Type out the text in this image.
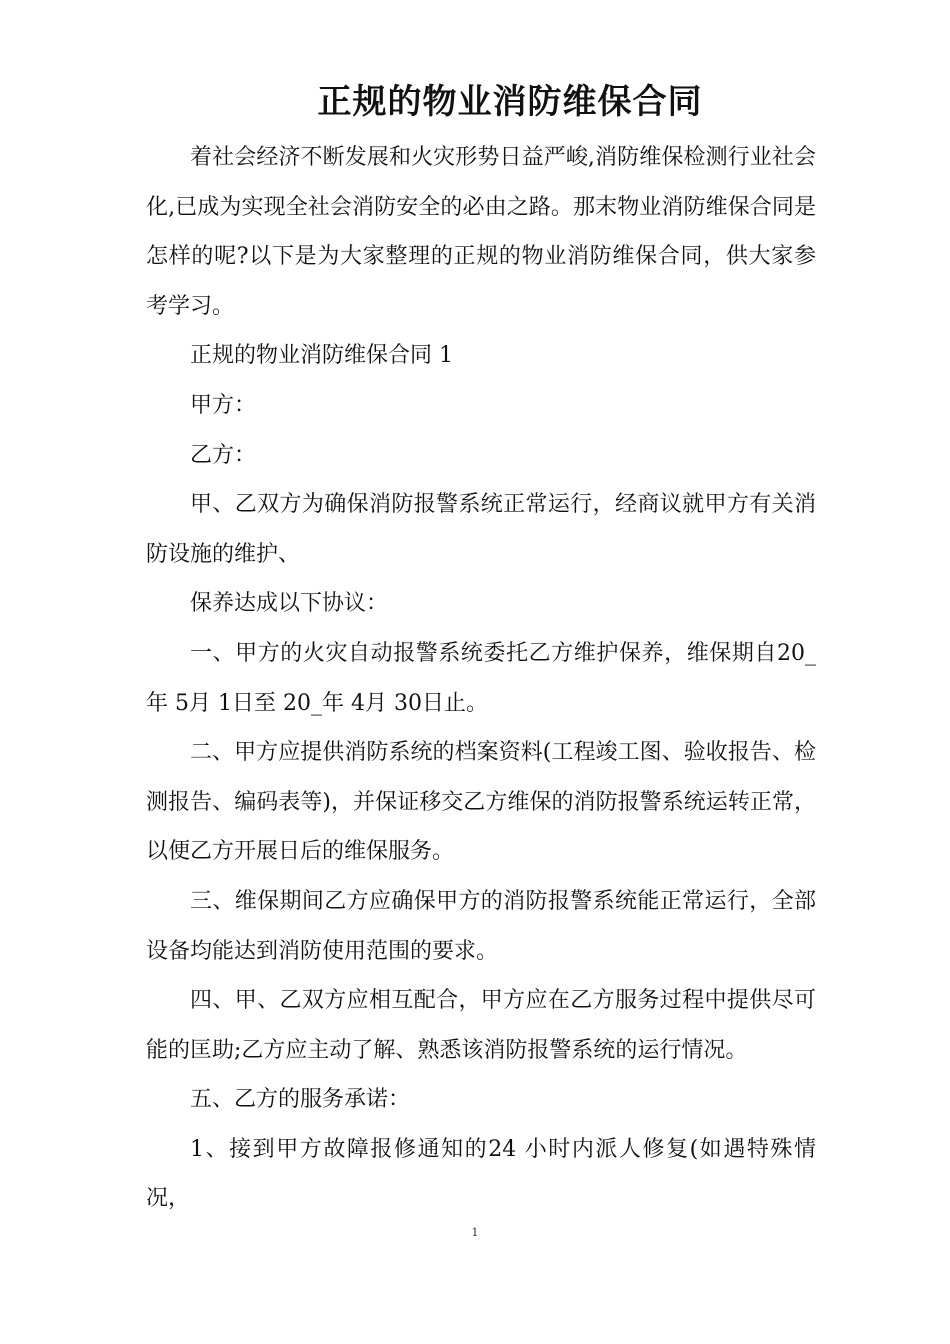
正规的物业消防维保合同

着社会经济不断发展和火灾形势日益严峻,消防维保检测行业社会化,已成为实现全社会消防安全的必由之路。那末物业消防维保合同是怎样的呢?以下是为大家整理的正规的物业消防维保合同，供大家参考学习。

正规的物业消防维保合同 1

甲方：

乙方：

甲、乙双方为确保消防报警系统正常运行，经商议就甲方有关消防设施的维护、

保养达成以下协议：

一、甲方的火灾自动报警系统委托乙方维护保养，维保期自20_年 5月 1日至 20_年 4月 30日止。

二、甲方应提供消防系统的档案资料(工程竣工图、验收报告、检测报告、编码表等)，并保证移交乙方维保的消防报警系统运转正常，以便乙方开展日后的维保服务。

三、维保期间乙方应确保甲方的消防报警系统能正常运行，全部设备均能达到消防使用范围的要求。

四、甲、乙双方应相互配合，甲方应在乙方服务过程中提供尽可能的匡助;乙方应主动了解、熟悉该消防报警系统的运行情况。

五、乙方的服务承诺：

1、接到甲方故障报修通知的24 小时内派人修复(如遇特殊情况，

1
